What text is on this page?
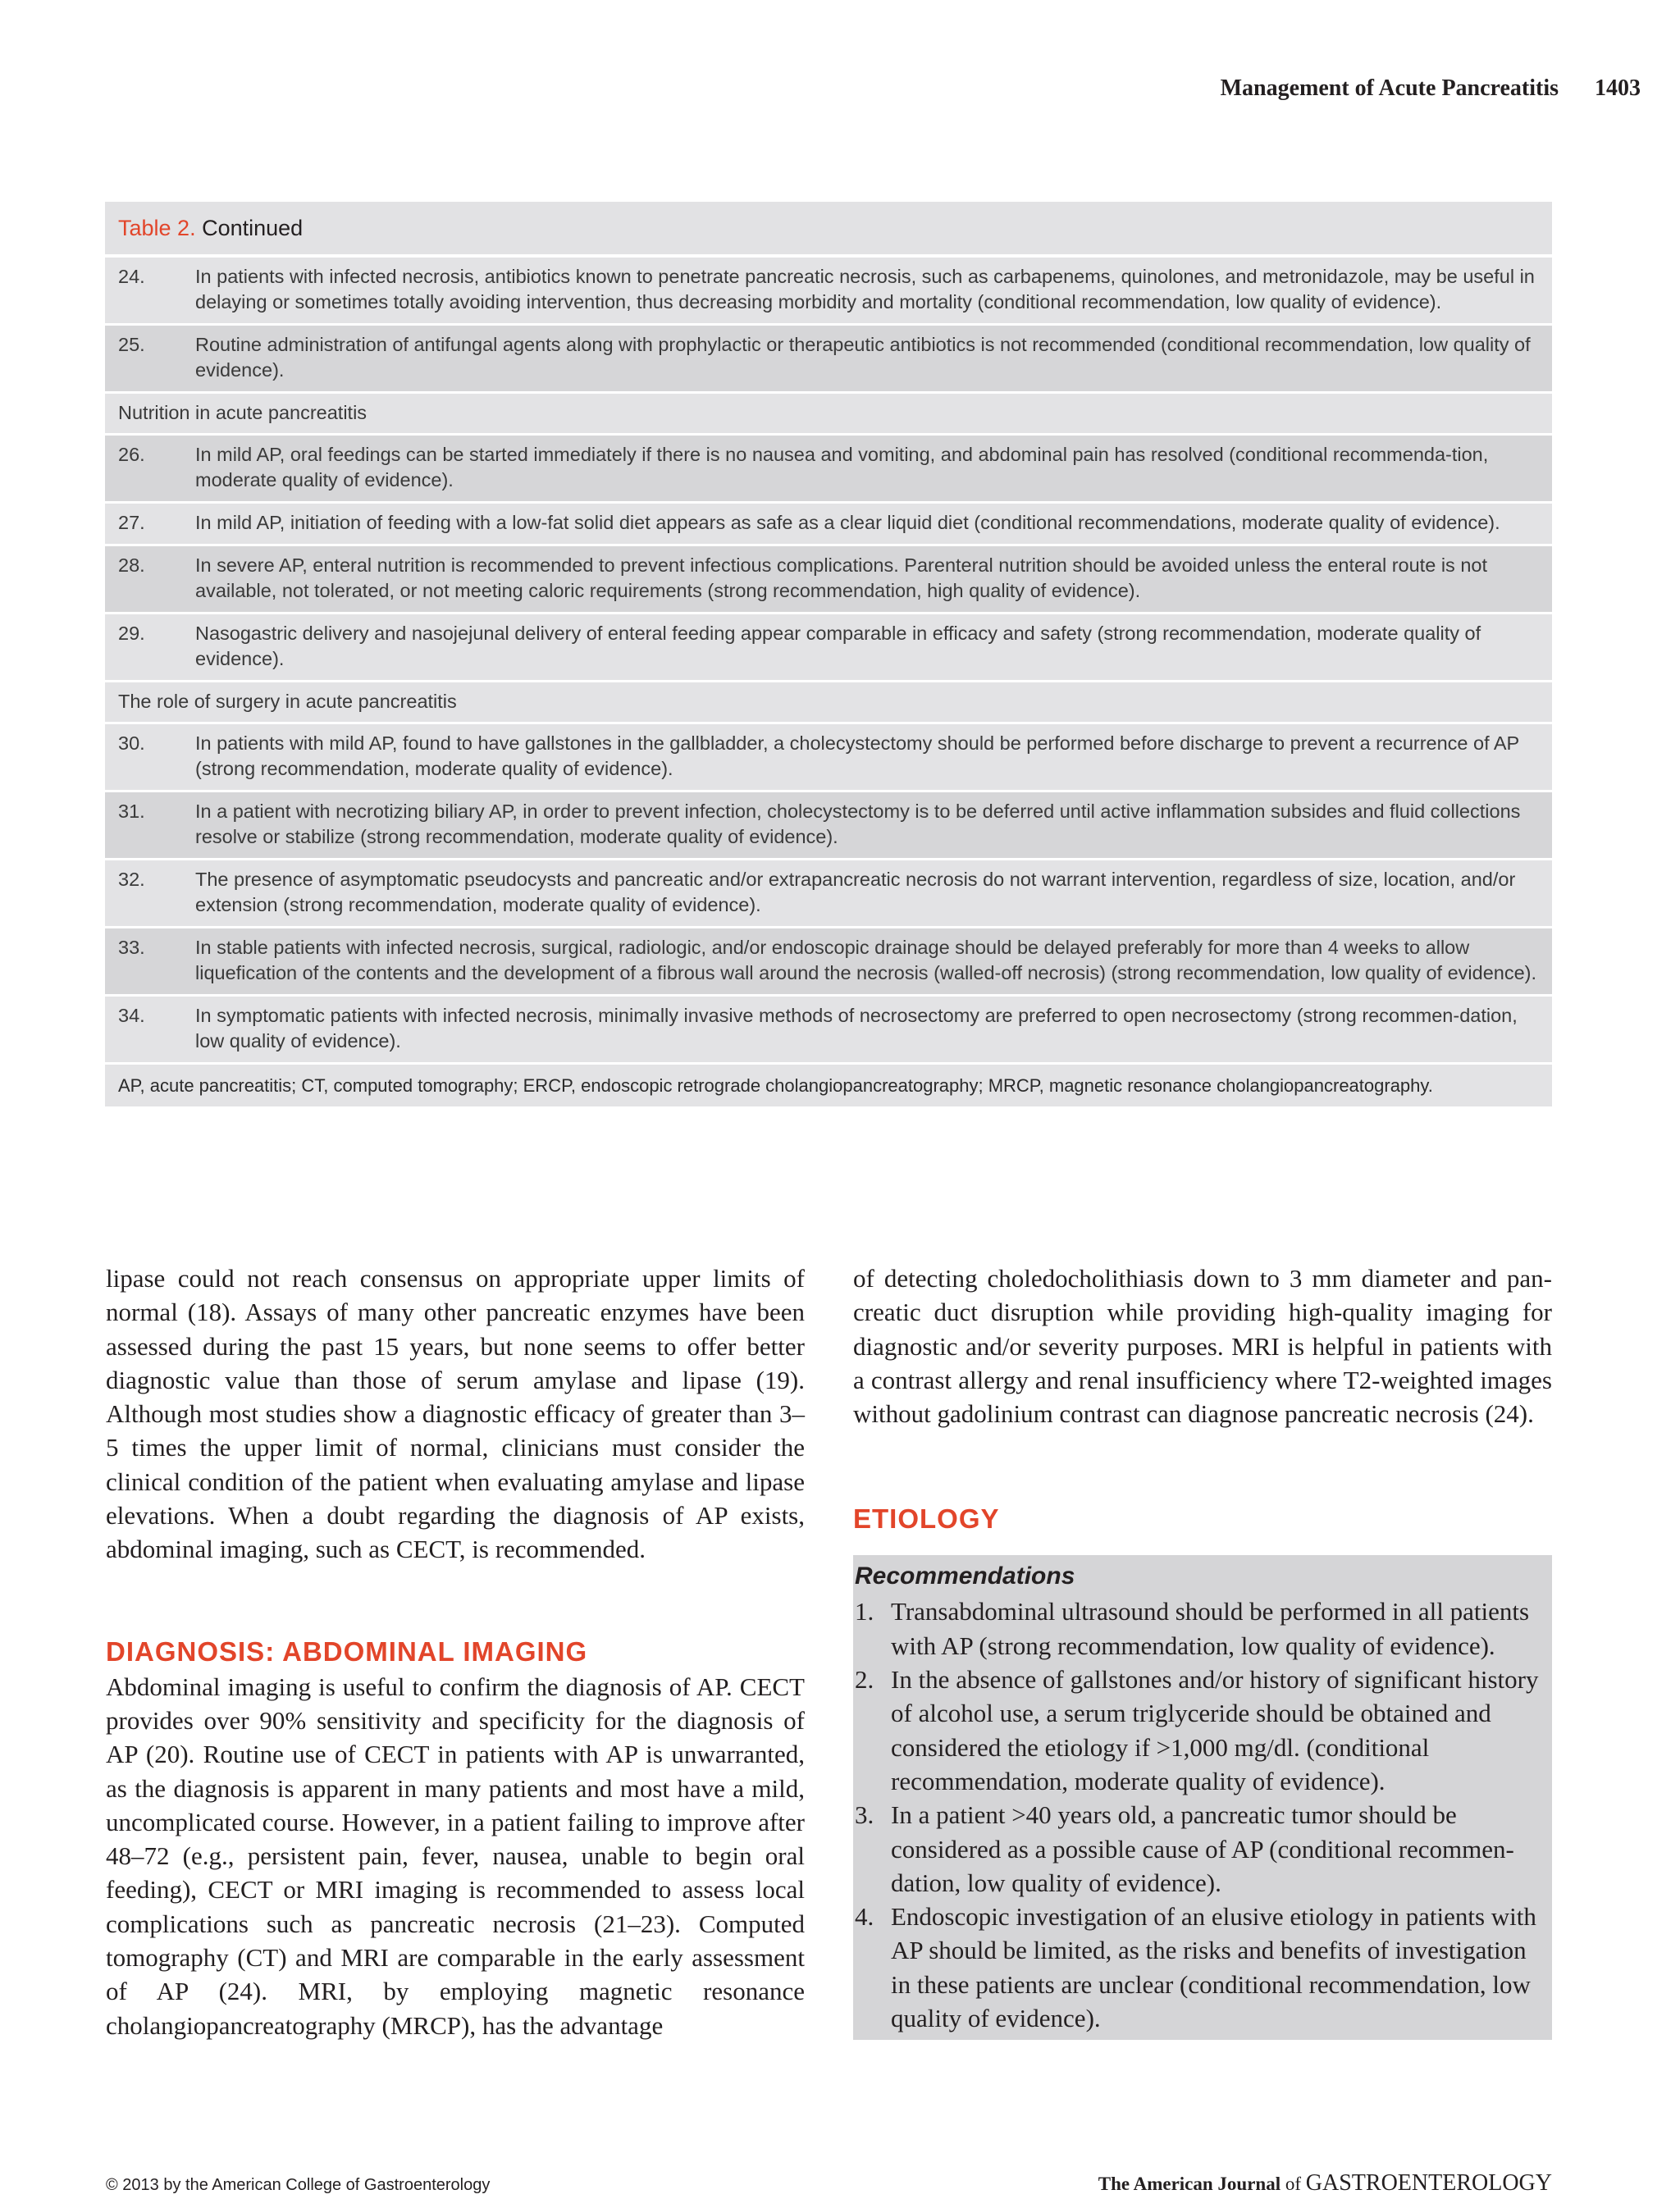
Management of Acute Pancreatitis 1403
Table 2. Continued
24.	In patients with infected necrosis, antibiotics known to penetrate pancreatic necrosis, such as carbapenems, quinolones, and metronidazole, may be useful in delaying or sometimes totally avoiding intervention, thus decreasing morbidity and mortality (conditional recommendation, low quality of evidence).
25.	Routine administration of antifungal agents along with prophylactic or therapeutic antibiotics is not recommended (conditional recommendation, low quality of evidence).
Nutrition in acute pancreatitis
26.	In mild AP, oral feedings can be started immediately if there is no nausea and vomiting, and abdominal pain has resolved (conditional recommenda-tion, moderate quality of evidence).
27.	In mild AP, initiation of feeding with a low-fat solid diet appears as safe as a clear liquid diet (conditional recommendations, moderate quality of evidence).
28.	In severe AP, enteral nutrition is recommended to prevent infectious complications. Parenteral nutrition should be avoided unless the enteral route is not available, not tolerated, or not meeting caloric requirements (strong recommendation, high quality of evidence).
29.	Nasogastric delivery and nasojejunal delivery of enteral feeding appear comparable in efficacy and safety (strong recommendation, moderate quality of evidence).
The role of surgery in acute pancreatitis
30.	In patients with mild AP, found to have gallstones in the gallbladder, a cholecystectomy should be performed before discharge to prevent a recurrence of AP (strong recommendation, moderate quality of evidence).
31.	In a patient with necrotizing biliary AP, in order to prevent infection, cholecystectomy is to be deferred until active inflammation subsides and fluid collections resolve or stabilize (strong recommendation, moderate quality of evidence).
32.	The presence of asymptomatic pseudocysts and pancreatic and/or extrapancreatic necrosis do not warrant intervention, regardless of size, location, and/or extension (strong recommendation, moderate quality of evidence).
33.	In stable patients with infected necrosis, surgical, radiologic, and/or endoscopic drainage should be delayed preferably for more than 4 weeks to allow liquefication of the contents and the development of a fibrous wall around the necrosis (walled-off necrosis) (strong recommendation, low quality of evidence).
34.	In symptomatic patients with infected necrosis, minimally invasive methods of necrosectomy are preferred to open necrosectomy (strong recommen-dation, low quality of evidence).
AP, acute pancreatitis; CT, computed tomography; ERCP, endoscopic retrograde cholangiopancreatography; MRCP, magnetic resonance cholangiopancreatography.

lipase could not reach consensus on appropriate upper limits of normal (18). Assays of many other pancreatic enzymes have been assessed during the past 15 years, but none seems to offer better diagnostic value than those of serum amylase and lipase (19). Although most studies show a diagnostic efficacy of greater than 3–5 times the upper limit of normal, clinicians must consider the clinical condition of the patient when evaluating amylase and lipase elevations. When a doubt regarding the diagnosis of AP exists, abdominal imaging, such as CECT, is recommended.

DIAGNOSIS: ABDOMINAL IMAGING

Abdominal imaging is useful to confirm the diagnosis of AP. CECT provides over 90% sensitivity and specificity for the diagnosis of AP (20). Routine use of CECT in patients with AP is unwarranted, as the diagnosis is apparent in many patients and most have a mild, uncomplicated course. However, in a patient failing to improve after 48–72 (e.g., persistent pain, fever, nausea, unable to begin oral feeding), CECT or MRI imaging is recommended to assess local complications such as pancreatic necrosis (21–23). Computed tomography (CT) and MRI are comparable in the early assessment of AP (24). MRI, by employing magnetic resonance cholangiopancreatography (MRCP), has the advantage

of detecting choledocholithiasis down to 3 mm diameter and pancreatic duct disruption while providing high-quality imaging for diagnostic and/or severity purposes. MRI is helpful in patients with a contrast allergy and renal insufficiency where T2-weighted images without gadolinium contrast can diagnose pancreatic necrosis (24).

ETIOLOGY
Recommendations
1. Transabdominal ultrasound should be performed in all patients with AP (strong recommendation, low quality of evidence).
2. In the absence of gallstones and/or history of significant history of alcohol use, a serum triglyceride should be obtained and considered the etiology if >1,000 mg/dl. (conditional recommendation, moderate quality of evidence).
3. In a patient >40 years old, a pancreatic tumor should be considered as a possible cause of AP (conditional recommendation, low quality of evidence).
4. Endoscopic investigation of an elusive etiology in patients with AP should be limited, as the risks and benefits of investigation in these patients are unclear (conditional recommendation, low quality of evidence).
© 2013 by the American College of Gastroenterology	The American Journal of GASTROENTEROLOGY
